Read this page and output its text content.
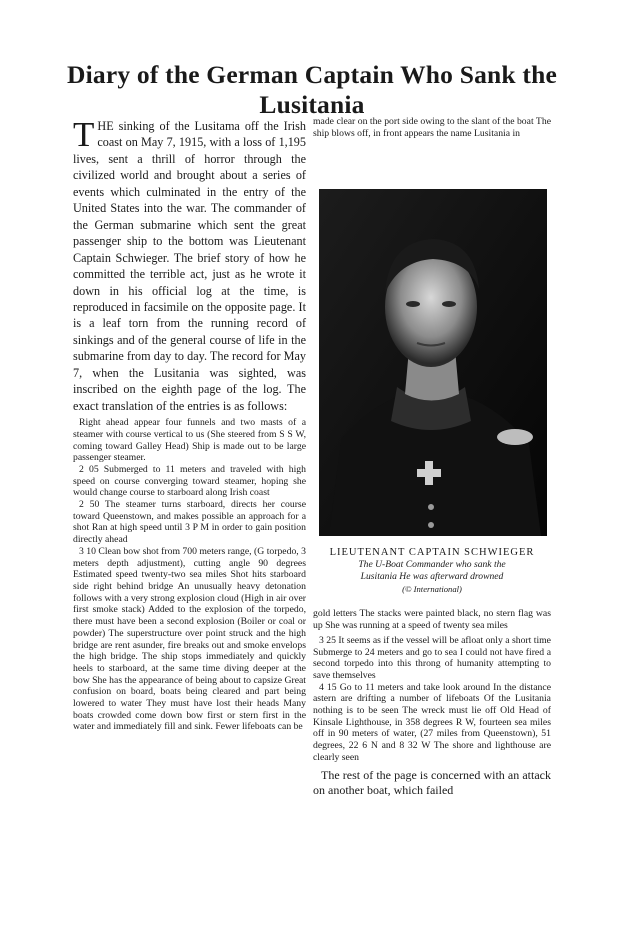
Diary of the German Captain Who Sank the
Lusitania

THE sinking of the Lusitama off the Irish coast on May 7, 1915, with a loss of 1,195 lives, sent a thrill of horror through the civilized world and brought about a series of events which culminated in the entry of the United States into the war. The commander of the German submarine which sent the great passenger ship to the bottom was Lieutenant Captain Schwieger. The brief story of how he committed the terrible act, just as he wrote it down in his official log at the time, is reproduced in facsimile on the opposite page. It is a leaf torn from the running record of sinkings and of the general course of life in the submarine from day to day. The record for May 7, when the Lusitania was sighted, was inscribed on the eighth page of the log. The exact translation of the entries is as follows:

Right ahead appear four funnels and two masts of a steamer with course vertical to us (She steered from S S W, coming toward Galley Head) Ship is made out to be large passenger steamer.

2 05 Submerged to 11 meters and traveled with high speed on course converging toward steamer, hoping she would change course to starboard along Irish coast

2 50 The steamer turns starboard, directs her course toward Queenstown, and makes possible an approach for a shot Ran at high speed until 3 P M in order to gain position directly ahead

3 10 Clean bow shot from 700 meters range, (G torpedo, 3 meters depth adjustment), cutting angle 90 degrees Estimated speed twenty-two sea miles Shot hits starboard side right behind bridge An unusually heavy detonation follows with a very strong explosion cloud (High in air over first smoke stack) Added to the explosion of the torpedo, there must have been a second explosion (Boiler or coal or powder) The superstructure over point struck and the high bridge are rent asunder, fire breaks out and smoke envelops the high bridge. The ship stops immediately and quickly heels to starboard, at the same time diving deeper at the bow She has the appearance of being about to capsize Great confusion on board, boats being cleared and part being lowered to water They must have lost their heads Many boats crowded come down bow first or stern first in the water and immediately fill and sink. Fewer lifeboats can be

made clear on the port side owing to the slant of the boat The ship blows off, in front appears the name Lusitania in

LIEUTENANT CAPTAIN SCHWIEGER
The U-Boat Commander who sank the
Lusitania He was afterward drowned
(© International)

gold letters The stacks were painted black, no stern flag was up She was running at a speed of twenty sea miles

3 25 It seems as if the vessel will be afloat only a short time Submerge to 24 meters and go to sea I could not have fired a second torpedo into this throng of humanity attempting to save themselves

4 15 Go to 11 meters and take look around In the distance astern are drifting a number of lifeboats Of the Lusitania nothing is to be seen The wreck must lie off Old Head of Kinsale Lighthouse, in 358 degrees R W, fourteen sea miles off in 90 meters of water, (27 miles from Queenstown), 51 degrees, 22 6 N and 8 32 W The shore and lighthouse are clearly seen

The rest of the page is concerned with an attack on another boat, which failed
